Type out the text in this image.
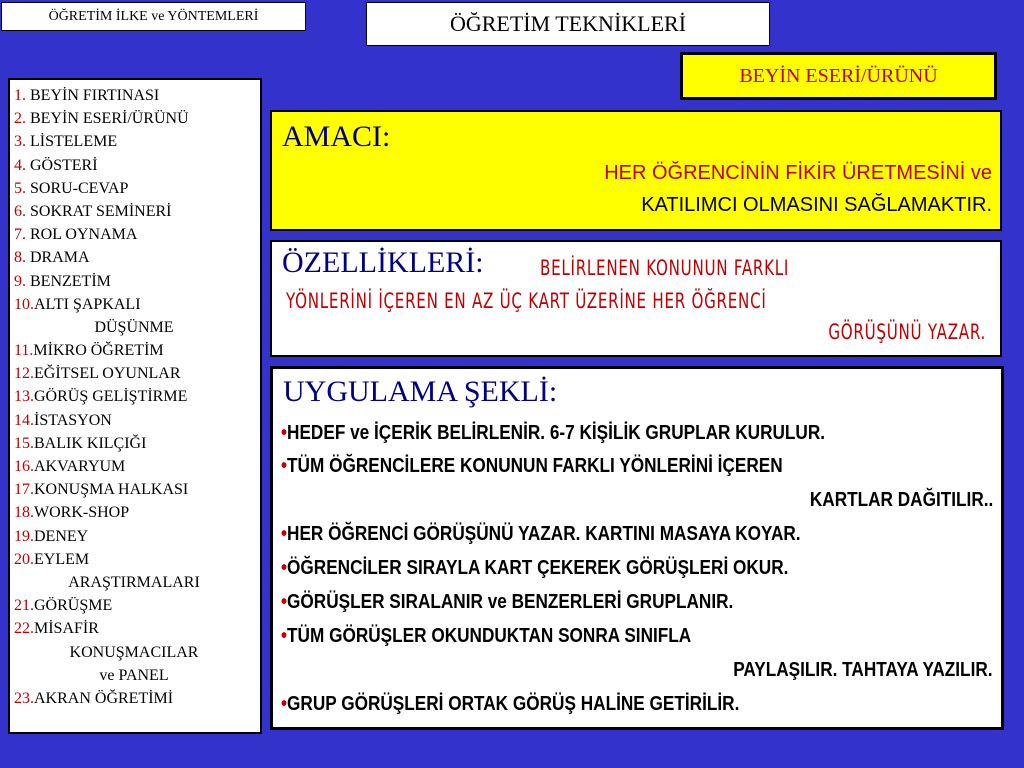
ÖĞRETİM İLKE ve YÖNTEMLERİ	ÖĞRETİM TEKNİKLERİ
BEYİN ESERİ/ÜRÜNÜ
1. BEYİN FIRTINASI
2. BEYİN ESERİ/ÜRÜNÜ
3. LİSTELEME
4. GÖSTERİ
5. SORU-CEVAP
6. SOKRAT SEMİNERİ
7. ROL OYNAMA
8. DRAMA
9. BENZETİM
10.ALTI ŞAPKALI
DÜŞÜNME
11.MİKRO ÖĞRETİM
12.EĞİTSEL OYUNLAR
13.GÖRÜŞ GELİŞTİRME
14.İSTASYON
15.BALIK KILÇIĞI
16.AKVARYUM
17.KONUŞMA HALKASI
18.WORK-SHOP
19.DENEY
20.EYLEM
ARAŞTIRMALARI
21.GÖRÜŞME
22.MİSAFİR
KONUŞMACILAR
ve PANEL
23.AKRAN ÖĞRETİMİ
AMACI:
HER ÖĞRENCİNİN FİKİR ÜRETMESİNİ ve
KATILIMCI OLMASINI SAĞLAMAKTIR.
ÖZELLİKLERİ:	BELİRLENEN KONUNUN FARKLI
YÖNLERİNİ İÇEREN EN AZ ÜÇ KART ÜZERİNE HER ÖĞRENCİ
GÖRÜŞÜNÜ YAZAR.
UYGULAMA ŞEKLİ:
•HEDEF ve İÇERİK BELİRLENİR. 6-7 KİŞİLİK GRUPLAR KURULUR.
•TÜM ÖĞRENCİLERE KONUNUN FARKLI YÖNLERİNİ İÇEREN
KARTLAR DAĞITILIR..
•HER ÖĞRENCİ GÖRÜŞÜNÜ YAZAR. KARTINI MASAYA KOYAR.
•ÖĞRENCİLER SIRAYLA KART ÇEKEREK GÖRÜŞLERİ OKUR.
•GÖRÜŞLER SIRALANIR ve BENZERLERİ GRUPLANIR.
•TÜM GÖRÜŞLER OKUNDUKTAN SONRA SINIFLA
PAYLAŞILIR. TAHTAYA YAZILIR.
•GRUP GÖRÜŞLERİ ORTAK GÖRÜŞ HALİNE GETİRİLİR.
